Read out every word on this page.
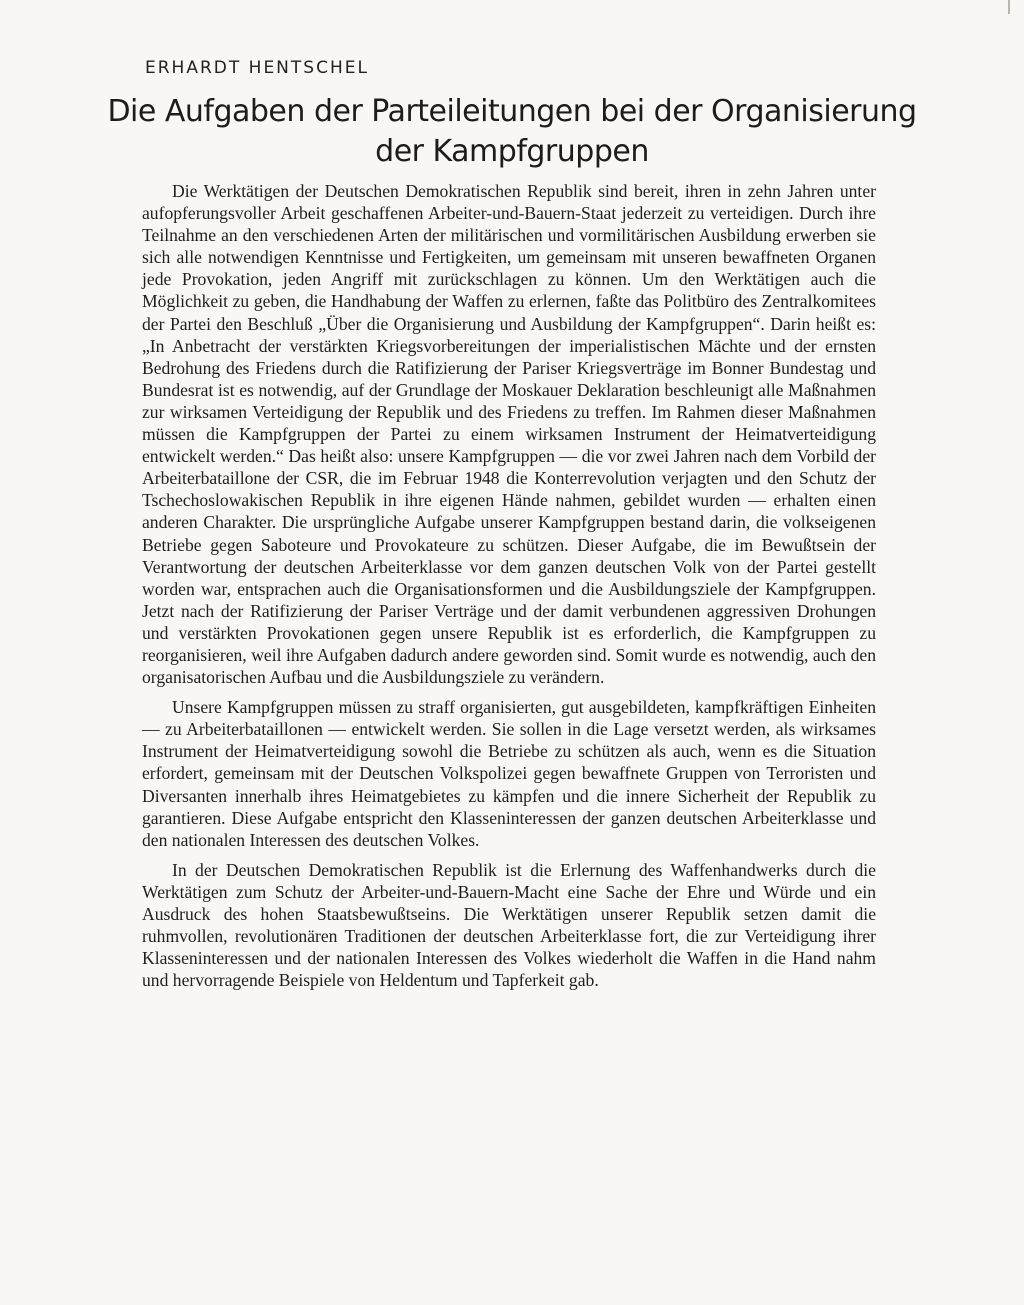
ERHARDT HENTSCHEL
Die Aufgaben der Parteileitungen bei der Organisierung der Kampfgruppen

Die Werktätigen der Deutschen Demokratischen Republik sind bereit, ihren in zehn Jahren unter aufopferungsvoller Arbeit geschaffenen Arbeiter-und-Bauern-Staat jederzeit zu verteidigen. Durch ihre Teilnahme an den verschiedenen Arten der militärischen und vormilitärischen Ausbildung erwerben sie sich alle notwendigen Kenntnisse und Fertigkeiten, um gemeinsam mit unseren bewaffneten Organen jede Provokation, jeden Angriff mit zurückschlagen zu können. Um den Werktätigen auch die Möglichkeit zu geben, die Handhabung der Waffen zu erlernen, faßte das Politbüro des Zentralkomitees der Partei den Beschluß „Über die Organisierung und Ausbildung der Kampfgruppen“. Darin heißt es: „In Anbetracht der verstärkten Kriegsvorbereitungen der imperialistischen Mächte und der ernsten Bedrohung des Friedens durch die Ratifizierung der Pariser Kriegsverträge im Bonner Bundestag und Bundesrat ist es notwendig, auf der Grundlage der Moskauer Deklaration beschleunigt alle Maßnahmen zur wirksamen Verteidigung der Republik und des Friedens zu treffen. Im Rahmen dieser Maßnahmen müssen die Kampfgruppen der Partei zu einem wirksamen Instrument der Heimatverteidigung entwickelt werden.“ Das heißt also: unsere Kampfgruppen — die vor zwei Jahren nach dem Vorbild der Arbeiterbataillone der CSR, die im Februar 1948 die Konterrevolution verjagten und den Schutz der Tschechoslowakischen Republik in ihre eigenen Hände nahmen, gebildet wurden — erhalten einen anderen Charakter. Die ursprüngliche Aufgabe unserer Kampfgruppen bestand darin, die volkseigenen Betriebe gegen Saboteure und Provokateure zu schützen. Dieser Aufgabe, die im Bewußtsein der Verantwortung der deutschen Arbeiterklasse vor dem ganzen deutschen Volk von der Partei gestellt worden war, entsprachen auch die Organisationsformen und die Ausbildungsziele der Kampfgruppen. Jetzt nach der Ratifizierung der Pariser Verträge und der damit verbundenen aggressiven Drohungen und verstärkten Provokationen gegen unsere Republik ist es erforderlich, die Kampfgruppen zu reorganisieren, weil ihre Aufgaben dadurch andere geworden sind. Somit wurde es notwendig, auch den organisatorischen Aufbau und die Ausbildungsziele zu verändern.

Unsere Kampfgruppen müssen zu straff organisierten, gut ausgebildeten, kampfkräftigen Einheiten — zu Arbeiterbataillonen — entwickelt werden. Sie sollen in die Lage versetzt werden, als wirksames Instrument der Heimatverteidigung sowohl die Betriebe zu schützen als auch, wenn es die Situation erfordert, gemeinsam mit der Deutschen Volkspolizei gegen bewaffnete Gruppen von Terroristen und Diversanten innerhalb ihres Heimatgebietes zu kämpfen und die innere Sicherheit der Republik zu garantieren. Diese Aufgabe entspricht den Klasseninteressen der ganzen deutschen Arbeiterklasse und den nationalen Interessen des deutschen Volkes.

In der Deutschen Demokratischen Republik ist die Erlernung des Waffenhandwerks durch die Werktätigen zum Schutz der Arbeiter-und-Bauern-Macht eine Sache der Ehre und Würde und ein Ausdruck des hohen Staatsbewußtseins. Die Werktätigen unserer Republik setzen damit die ruhmvollen, revolutionären Traditionen der deutschen Arbeiterklasse fort, die zur Verteidigung ihrer Klasseninteressen und der nationalen Interessen des Volkes wiederholt die Waffen in die Hand nahm und hervorragende Beispiele von Heldentum und Tapferkeit gab.
